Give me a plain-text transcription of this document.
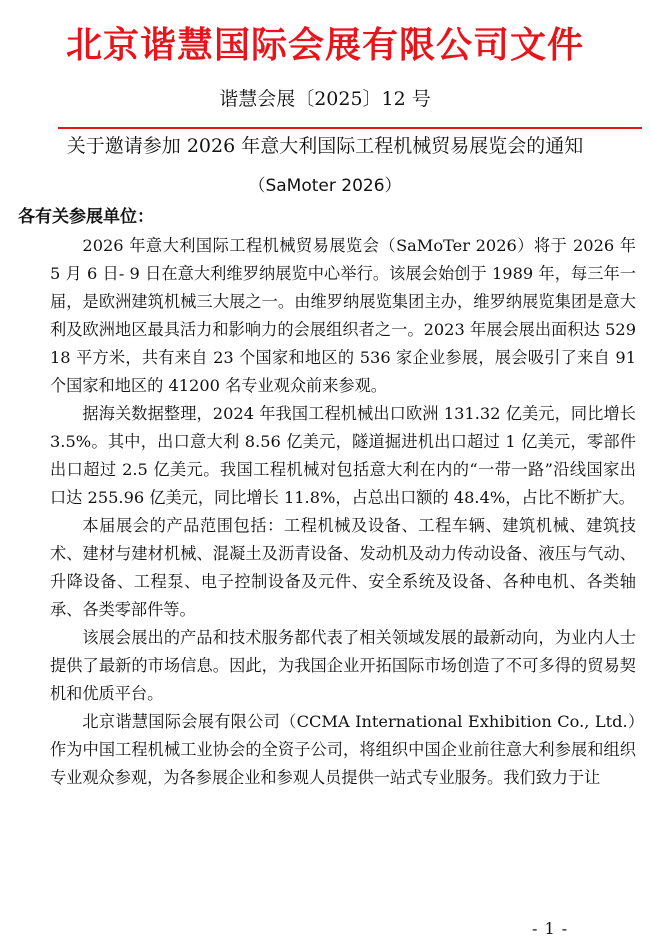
北京谐慧国际会展有限公司文件
谐慧会展〔2025〕12 号
关于邀请参加 2026 年意大利国际工程机械贸易展览会的通知
（SaMoter 2026）
各有关参展单位：

2026 年意大利国际工程机械贸易展览会（SaMoTer 2026）将于 2026 年 5 月 6 日- 9 日在意大利维罗纳展览中心举行。该展会始创于 1989 年，每三年一届，是欧洲建筑机械三大展之一。由维罗纳展览集团主办，维罗纳展览集团是意大利及欧洲地区最具活力和影响力的会展组织者之一。2023 年展会展出面积达 52918 平方米，共有来自 23 个国家和地区的 536 家企业参展，展会吸引了来自 91 个国家和地区的 41200 名专业观众前来参观。

据海关数据整理，2024 年我国工程机械出口欧洲 131.32 亿美元，同比增长 3.5%。其中，出口意大利 8.56 亿美元，隧道掘进机出口超过 1 亿美元，零部件出口超过 2.5 亿美元。我国工程机械对包括意大利在内的“一带一路”沿线国家出口达 255.96 亿美元，同比增长 11.8%，占总出口额的 48.4%，占比不断扩大。

本届展会的产品范围包括：工程机械及设备、工程车辆、建筑机械、建筑技术、建材与建材机械、混凝土及沥青设备、发动机及动力传动设备、液压与气动、升降设备、工程泵、电子控制设备及元件、安全系统及设备、各种电机、各类轴承、各类零部件等。

该展会展出的产品和技术服务都代表了相关领域发展的最新动向，为业内人士提供了最新的市场信息。因此，为我国企业开拓国际市场创造了不可多得的贸易契机和优质平台。

北京谐慧国际会展有限公司（CCMA International Exhibition Co., Ltd.）作为中国工程机械工业协会的全资子公司，将组织中国企业前往意大利参展和组织专业观众参观，为各参展企业和参观人员提供一站式专业服务。我们致力于让

- 1 -
